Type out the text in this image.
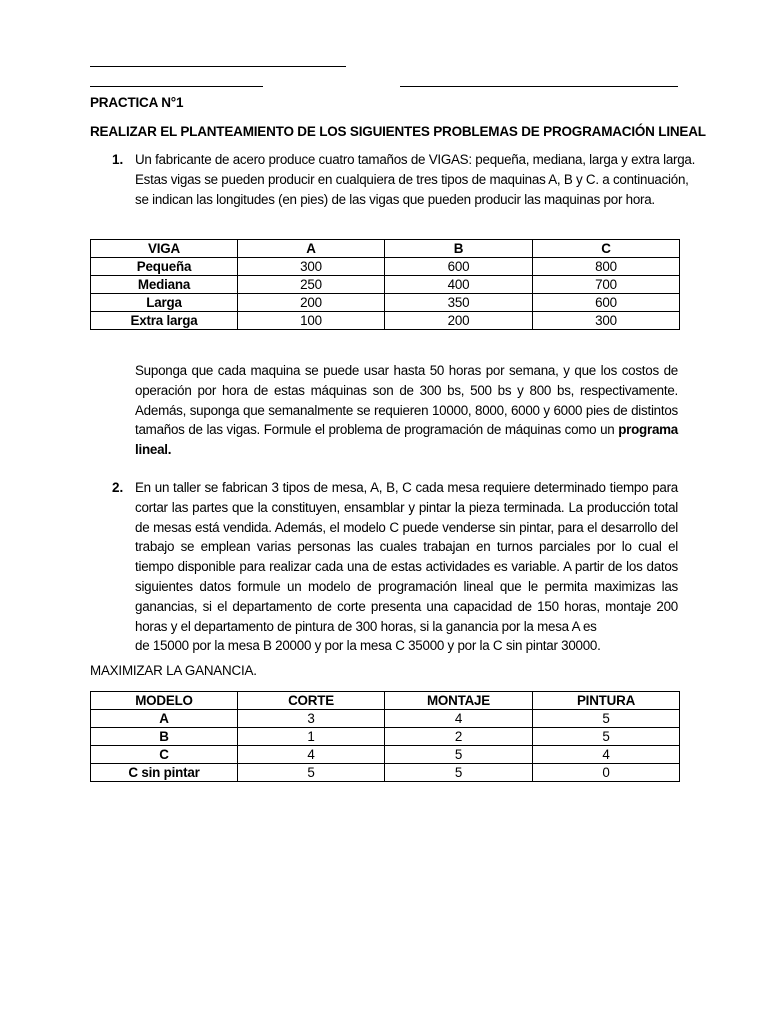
PRACTICA N°1
REALIZAR EL PLANTEAMIENTO DE LOS SIGUIENTES PROBLEMAS DE PROGRAMACIÓN LINEAL
1. Un fabricante de acero produce cuatro tamaños de VIGAS: pequeña, mediana, larga y extra larga.

Estas vigas se pueden producir en cualquiera de tres tipos de maquinas A, B y C. a continuación,

se indican las longitudes (en pies) de las vigas que pueden producir las maquinas por hora.

VIGA	A	B	C
Pequeña	300	600	800
Mediana	250	400	700
Larga	200	350	600
Extra larga	100	200	300
Suponga que cada maquina se puede usar hasta 50 horas por semana, y que los costos de operación por hora de estas máquinas son de 300 bs, 500 bs y 800 bs, respectivamente. Además, suponga que semanalmente se requieren 10000, 8000, 6000 y 6000 pies de distintos tamaños de las vigas. Formule el problema de programación de máquinas como un programa lineal.
2. En un taller se fabrican 3 tipos de mesa, A, B, C cada mesa requiere determinado tiempo para cortar las partes que la constituyen, ensamblar y pintar la pieza terminada. La producción total de mesas está vendida. Además, el modelo C puede venderse sin pintar, para el desarrollo del trabajo se emplean varias personas las cuales trabajan en turnos parciales por lo cual el tiempo disponible para realizar cada una de estas actividades es variable. A partir de los datos siguientes datos formule un modelo de programación lineal que le permita maximizas las ganancias, si el departamento de corte presenta una capacidad de 150 horas, montaje 200 horas y el departamento de pintura de 300 horas, si la ganancia por la mesa A es

de 15000 por la mesa B 20000 y por la mesa C 35000 y por la C sin pintar 30000.

MAXIMIZAR LA GANANCIA.
MODELO	CORTE	MONTAJE	PINTURA
A	3	4	5
B	1	2	5
C	4	5	4
C sin pintar	5	5	0
